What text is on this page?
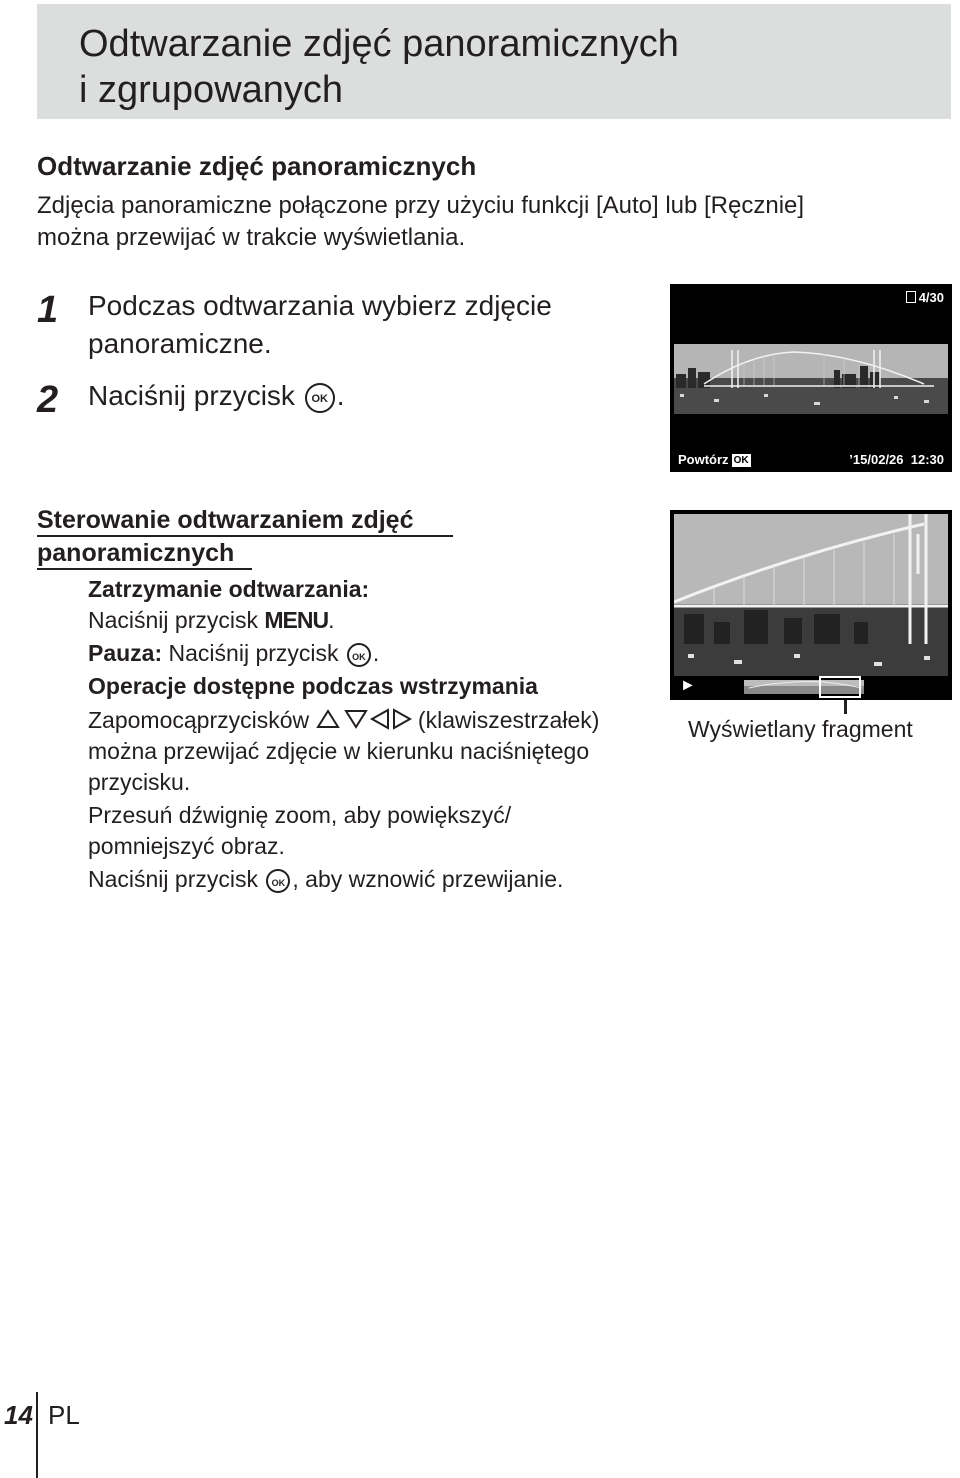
Odtwarzanie zdjęć panoramicznych
i zgrupowanych
Odtwarzanie zdjęć panoramicznych
Zdjęcia panoramiczne połączone przy użyciu funkcji [Auto] lub [Ręcznie]
można przewijać w trakcie wyświetlania.
1 Podczas odtwarzania wybierz zdjęcie
panoramiczne.
2 Naciśnij przycisk OK .
4/30
Powtórz OK	’15/02/26 12:30
Sterowanie odtwarzaniem zdjęć
panoramicznych
Zatrzymanie odtwarzania:
Naciśnij przycisk MENU.
Pauza: Naciśnij przycisk OK .
Operacje dostępne podczas wstrzymania
Zapomocąprzycisków	(klawiszestrzałek)
można przewijać zdjęcie w kierunku naciśniętego
przycisku.
Przesuń dźwignię zoom, aby powiększyć/
pomniejszyć obraz.
Naciśnij przycisk OK , aby wznowić przewijanie.
►
Wyświetlany fragment
14 PL
